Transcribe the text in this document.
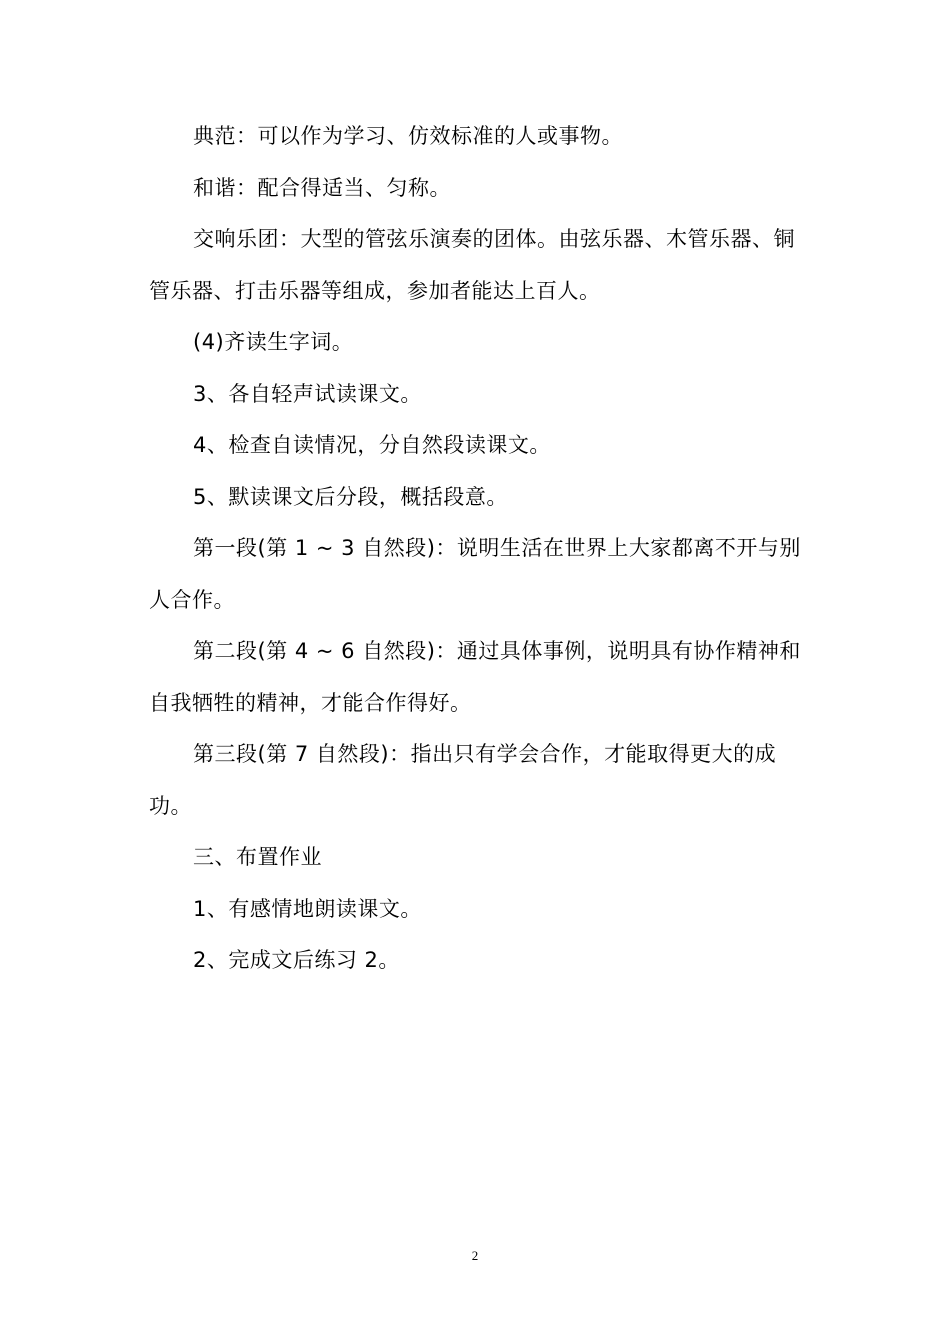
典范：可以作为学习、仿效标准的人或事物。

和谐：配合得适当、匀称。

交响乐团：大型的管弦乐演奏的团体。由弦乐器、木管乐器、铜管乐器、打击乐器等组成，参加者能达上百人。

(4)齐读生字词。

3、各自轻声试读课文。

4、检查自读情况，分自然段读课文。

5、默读课文后分段，概括段意。

第一段(第 1 ~ 3 自然段)：说明生活在世界上大家都离不开与别人合作。

第二段(第 4 ~ 6 自然段)：通过具体事例，说明具有协作精神和自我牺牲的精神，才能合作得好。

第三段(第 7 自然段)：指出只有学会合作，才能取得更大的成功。

三、布置作业

1、有感情地朗读课文。

2、完成文后练习 2。

2
